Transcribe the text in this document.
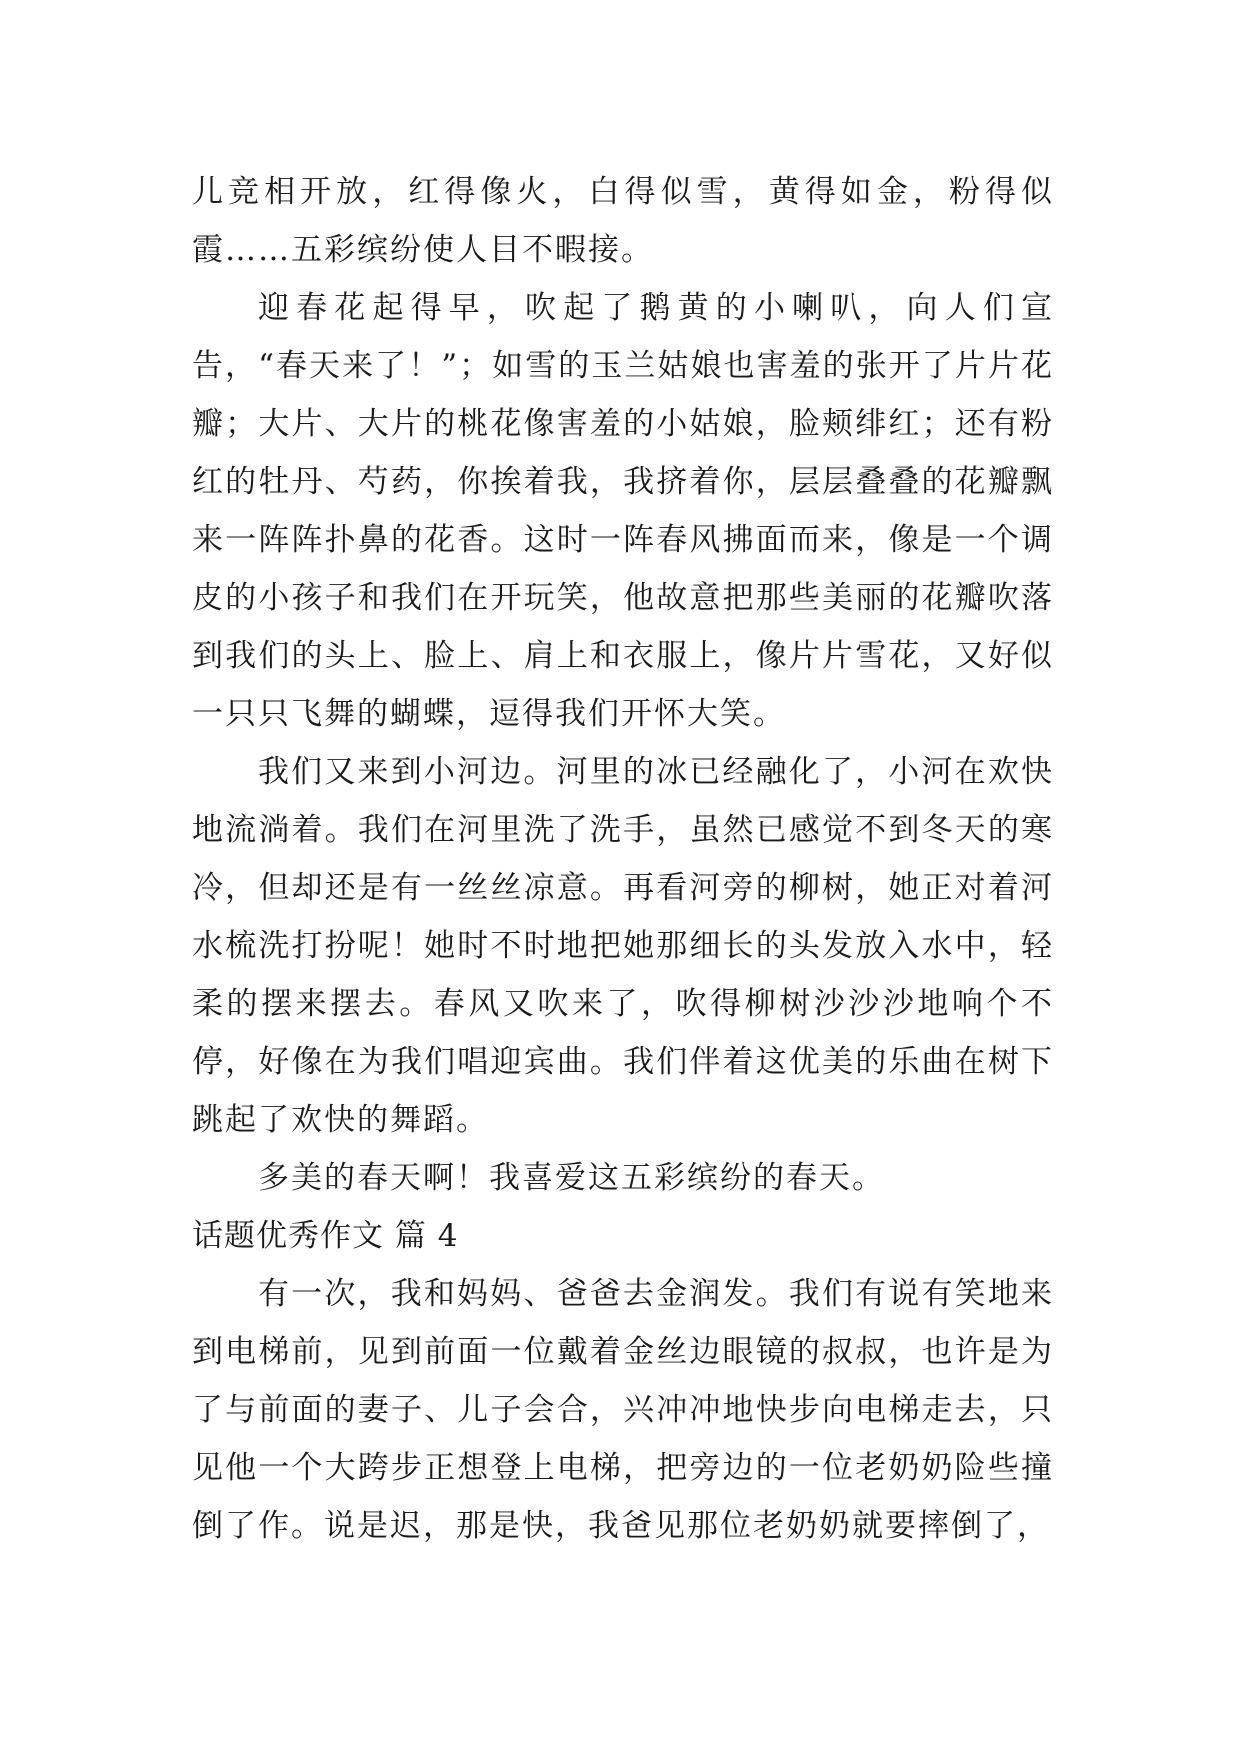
儿竞相开放，红得像火，白得似雪，黄得如金，粉得似霞……五彩缤纷使人目不暇接。

迎春花起得早，吹起了鹅黄的小喇叭，向人们宣告，“春天来了！”；如雪的玉兰姑娘也害羞的张开了片片花瓣；大片、大片的桃花像害羞的小姑娘，脸颊绯红；还有粉红的牡丹、芍药，你挨着我，我挤着你，层层叠叠的花瓣飘来一阵阵扑鼻的花香。这时一阵春风拂面而来，像是一个调皮的小孩子和我们在开玩笑，他故意把那些美丽的花瓣吹落到我们的头上、脸上、肩上和衣服上，像片片雪花，又好似一只只飞舞的蝴蝶，逗得我们开怀大笑。

我们又来到小河边。河里的冰已经融化了，小河在欢快地流淌着。我们在河里洗了洗手，虽然已感觉不到冬天的寒冷，但却还是有一丝丝凉意。再看河旁的柳树，她正对着河水梳洗打扮呢！她时不时地把她那细长的头发放入水中，轻柔的摆来摆去。春风又吹来了，吹得柳树沙沙沙地响个不停，好像在为我们唱迎宾曲。我们伴着这优美的乐曲在树下跳起了欢快的舞蹈。

多美的春天啊！我喜爱这五彩缤纷的春天。

话题优秀作文 篇 4

有一次，我和妈妈、爸爸去金润发。我们有说有笑地来到电梯前，见到前面一位戴着金丝边眼镜的叔叔，也许是为了与前面的妻子、儿子会合，兴冲冲地快步向电梯走去，只见他一个大跨步正想登上电梯，把旁边的一位老奶奶险些撞倒了作。说是迟，那是快，我爸见那位老奶奶就要摔倒了，
